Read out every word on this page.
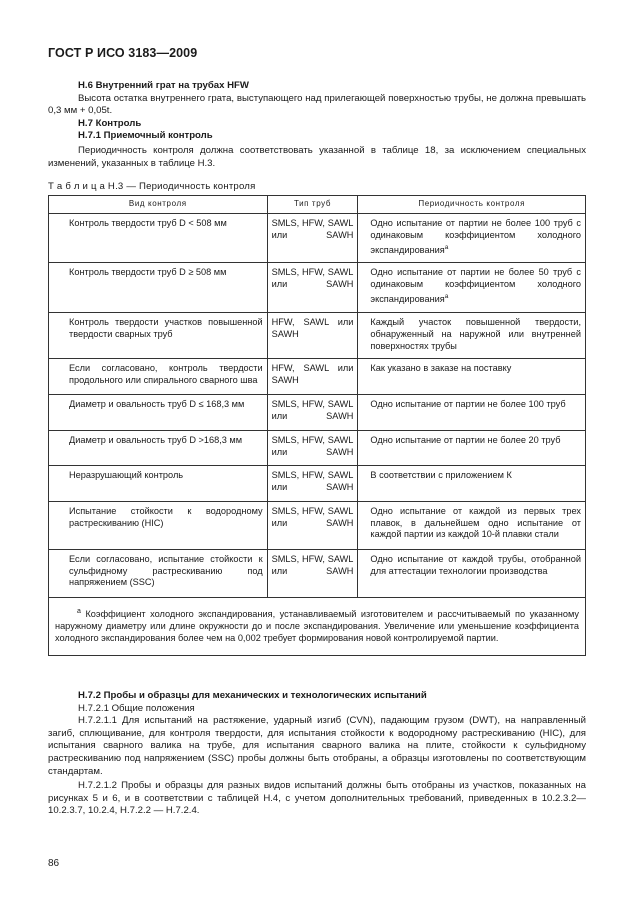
ГОСТ Р ИСО 3183—2009
Н.6 Внутренний грат на трубах HFW
Высота остатка внутреннего грата, выступающего над прилегающей поверхностью трубы, не должна превышать 0,3 мм + 0,05t.
Н.7 Контроль
Н.7.1 Приемочный контроль
Периодичность контроля должна соответствовать указанной в таблице 18, за исключением специальных изменений, указанных в таблице Н.3.
Т а б л и ц а Н.3 — Периодичность контроля
Вид контроля	Тип труб	Периодичность контроля
Контроль твердости труб D < 508 мм	SMLS, HFW, SAWL или SAWH	Одно испытание от партии не более 100 труб с одинаковым коэффициентом холодного экспандирования$^a$
Контроль твердости труб D ≥ 508 мм	SMLS, HFW, SAWL или SAWH	Одно испытание от партии не более 50 труб с одинаковым коэффициентом холодного экспандирования$^a$
Контроль твердости участков повышенной твердости сварных труб	HFW, SAWL или SAWH	Каждый участок повышенной твердости, обнаруженный на наружной или внутренней поверхностях трубы
Если согласовано, контроль твердости продольного или спирального сварного шва	HFW, SAWL или SAWH	Как указано в заказе на поставку
Диаметр и овальность труб D ≤ 168,3 мм	SMLS, HFW, SAWL или SAWH	Одно испытание от партии не более 100 труб
Диаметр и овальность труб D >168,3 мм	SMLS, HFW, SAWL или SAWH	Одно испытание от партии не более 20 труб
Неразрушающий контроль	SMLS, HFW, SAWL или SAWH	В соответствии с приложением К
Испытание стойкости к водородному растрескиванию (HIC)	SMLS, HFW, SAWL или SAWH	Одно испытание от каждой из первых трех плавок, в дальнейшем одно испытание от каждой партии из каждой 10-й плавки стали
Если согласовано, испытание стойкости к сульфидному растрескиванию под напряжением (SSC)	SMLS, HFW, SAWL или SAWH	Одно испытание от каждой трубы, отобранной для аттестации технологии производства
$^a$ Коэффициент холодного экспандирования, устанавливаемый изготовителем и рассчитываемый по указанному наружному диаметру или длине окружности до и после экспандирования. Увеличение или уменьшение коэффициента холодного экспандирования более чем на 0,002 требует формирования новой контролируемой партии.		
Н.7.2 Пробы и образцы для механических и технологических испытаний
Н.7.2.1 Общие положения
Н.7.2.1.1 Для испытаний на растяжение, ударный изгиб (CVN), падающим грузом (DWT), на направленный загиб, сплющивание, для контроля твердости, для испытания стойкости к водородному растрескиванию (HIC), для испытания сварного валика на трубе, для испытания сварного валика на плите, стойкости к сульфидному растрескиванию под напряжением (SSC) пробы должны быть отобраны, а образцы изготовлены по соответствующим стандартам.
Н.7.2.1.2 Пробы и образцы для разных видов испытаний должны быть отобраны из участков, показанных на рисунках 5 и 6, и в соответствии с таблицей Н.4, с учетом дополнительных требований, приведенных в 10.2.3.2—10.2.3.7, 10.2.4, Н.7.2.2 — Н.7.2.4.
86
